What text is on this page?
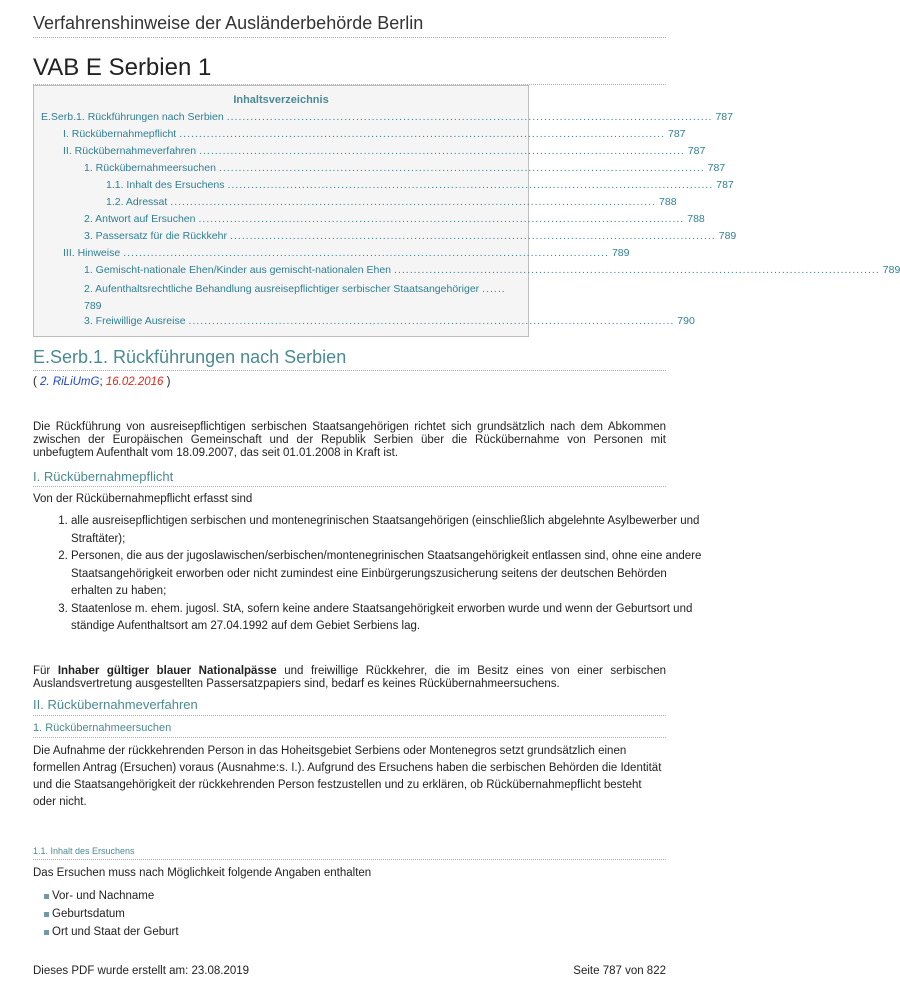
Verfahrenshinweise der Ausländerbehörde Berlin
VAB E Serbien 1
Inhaltsverzeichnis
E.Serb.1. Rückführungen nach Serbien ............................................................................................................................ 787
I. Rückübernahmepflicht ............................................................................................................................ 787
II. Rückübernahmeverfahren ............................................................................................................................ 787
1. Rückübernahmeersuchen ............................................................................................................................ 787
1.1. Inhalt des Ersuchens ............................................................................................................................ 787
1.2. Adressat ............................................................................................................................ 788
2. Antwort auf Ersuchen ............................................................................................................................ 788
3. Passersatz für die Rückkehr ............................................................................................................................ 789
III. Hinweise ............................................................................................................................ 789
1. Gemischt-nationale Ehen/Kinder aus gemischt-nationalen Ehen ............................................................................................................................ 789
2. Aufenthaltsrechtliche Behandlung ausreisepflichtiger serbischer Staatsangehöriger ......
789
3. Freiwillige Ausreise ............................................................................................................................ 790
E.Serb.1. Rückführungen nach Serbien
( 2. RiLiUmG; 16.02.2016 )
Die Rückführung von ausreisepflichtigen serbischen Staatsangehörigen richtet sich grundsätzlich nach dem Abkommen zwischen der Europäischen Gemeinschaft und der Republik Serbien über die Rückübernahme von Personen mit unbefugtem Aufenthalt vom 18.09.2007, das seit 01.01.2008 in Kraft ist.
I. Rückübernahmepflicht
Von der Rückübernahmepflicht erfasst sind
1. alle ausreisepflichtigen serbischen und montenegrinischen Staatsangehörigen (einschließlich abgelehnte Asylbewerber und Straftäter);
2. Personen, die aus der jugoslawischen/serbischen/montenegrinischen Staatsangehörigkeit entlassen sind, ohne eine andere Staatsangehörigkeit erworben oder nicht zumindest eine Einbürgerungszusicherung seitens der deutschen Behörden erhalten zu haben;
3. Staatenlose m. ehem. jugosl. StA, sofern keine andere Staatsangehörigkeit erworben wurde und wenn der Geburtsort und ständige Aufenthaltsort am 27.04.1992 auf dem Gebiet Serbiens lag.
Für Inhaber gültiger blauer Nationalpässe und freiwillige Rückkehrer, die im Besitz eines von einer serbischen Auslandsvertretung ausgestellten Passersatzpapiers sind, bedarf es keines Rückübernahmeersuchens.
II. Rückübernahmeverfahren
1. Rückübernahmeersuchen
Die Aufnahme der rückkehrenden Person in das Hoheitsgebiet Serbiens oder Montenegros setzt grundsätzlich einen formellen Antrag (Ersuchen) voraus (Ausnahme:s. I.). Aufgrund des Ersuchens haben die serbischen Behörden die Identität und die Staatsangehörigkeit der rückkehrenden Person festzustellen und zu erklären, ob Rückübernahmepflicht besteht oder nicht.
1.1. Inhalt des Ersuchens
Das Ersuchen muss nach Möglichkeit folgende Angaben enthalten
Vor- und Nachname
Geburtsdatum
Ort und Staat der Geburt
Dieses PDF wurde erstellt am: 23.08.2019	Seite 787 von 822
